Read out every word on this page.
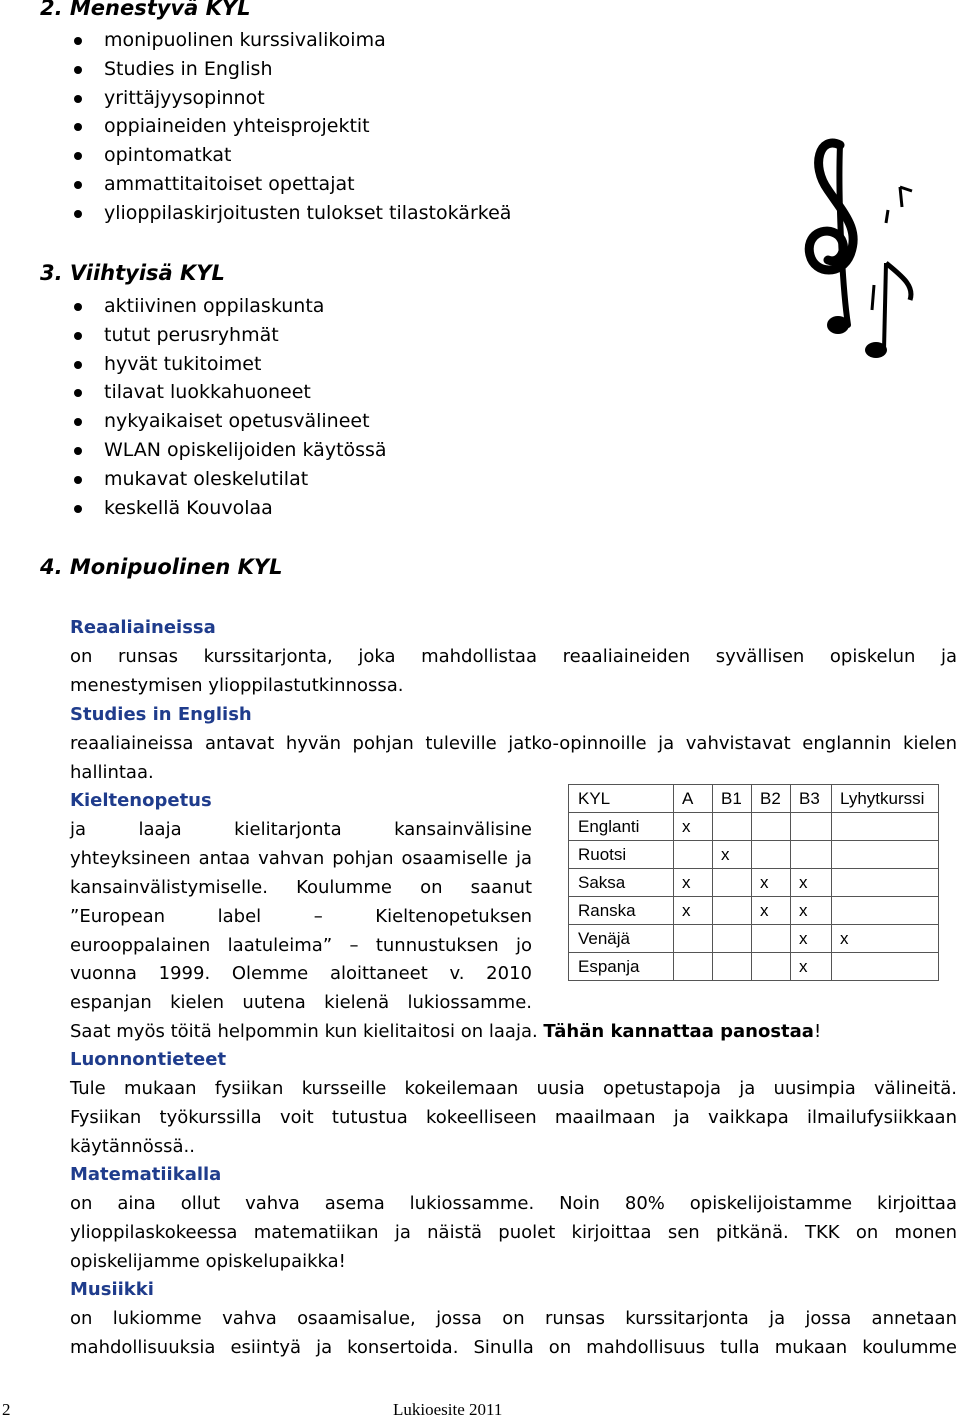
2. Menestyvä KYL
monipuolinen kurssivalikoima
Studies in English
yrittäjyysopinnot
oppiaineiden yhteisprojektit
opintomatkat
ammattitaitoiset opettajat
ylioppilaskirjoitusten tulokset tilastokärkeä
3. Viihtyisä KYL
aktiivinen oppilaskunta
tutut perusryhmät
hyvät tukitoimet
tilavat luokkahuoneet
nykyaikaiset opetusvälineet
WLAN opiskelijoiden käytössä
mukavat oleskelutilat
keskellä Kouvolaa
4. Monipuolinen KYL
Reaaliaineissa
on runsas kurssitarjonta, joka mahdollistaa reaaliaineiden syvällisen opiskelun ja
menestymisen ylioppilastutkinnossa.
Studies in English
reaaliaineissa antavat hyvän pohjan tuleville jatko-opinnoille ja vahvistavat englannin kielen
hallintaa.
Kieltenopetus
ja laaja kielitarjonta kansainvälisine
yhteyksineen antaa vahvan pohjan osaamiselle ja
kansainvälistymiselle. Koulumme on saanut
”European label – Kieltenopetuksen
eurooppalainen laatuleima” – tunnustuksen jo
vuonna 1999. Olemme aloittaneet v. 2010
espanjan kielen uutena kielenä lukiossamme.
Saat myös töitä helpommin kun kielitaitosi on laaja. Tähän kannattaa panostaa!
KYL	A	B1	B2	B3	Lyhytkurssi
Englanti	x				
Ruotsi		x			
Saksa	x		x	x	
Ranska	x		x	x	
Venäjä				x	x
Espanja				x	
Luonnontieteet
Tule mukaan fysiikan kursseille kokeilemaan uusia opetustapoja ja uusimpia välineitä.
Fysiikan työkurssilla voit tutustua kokeelliseen maailmaan ja vaikkapa ilmailufysiikkaan
käytännössä..
Matematiikalla
on aina ollut vahva asema lukiossamme. Noin 80% opiskelijoistamme kirjoittaa
ylioppilaskokeessa matematiikan ja näistä puolet kirjoittaa sen pitkänä. TKK on monen
opiskelijamme opiskelupaikka!
Musiikki
on lukiomme vahva osaamisalue, jossa on runsas kurssitarjonta ja jossa annetaan
mahdollisuuksia esiintyä ja konsertoida. Sinulla on mahdollisuus tulla mukaan koulumme
2	Lukioesite 2011
